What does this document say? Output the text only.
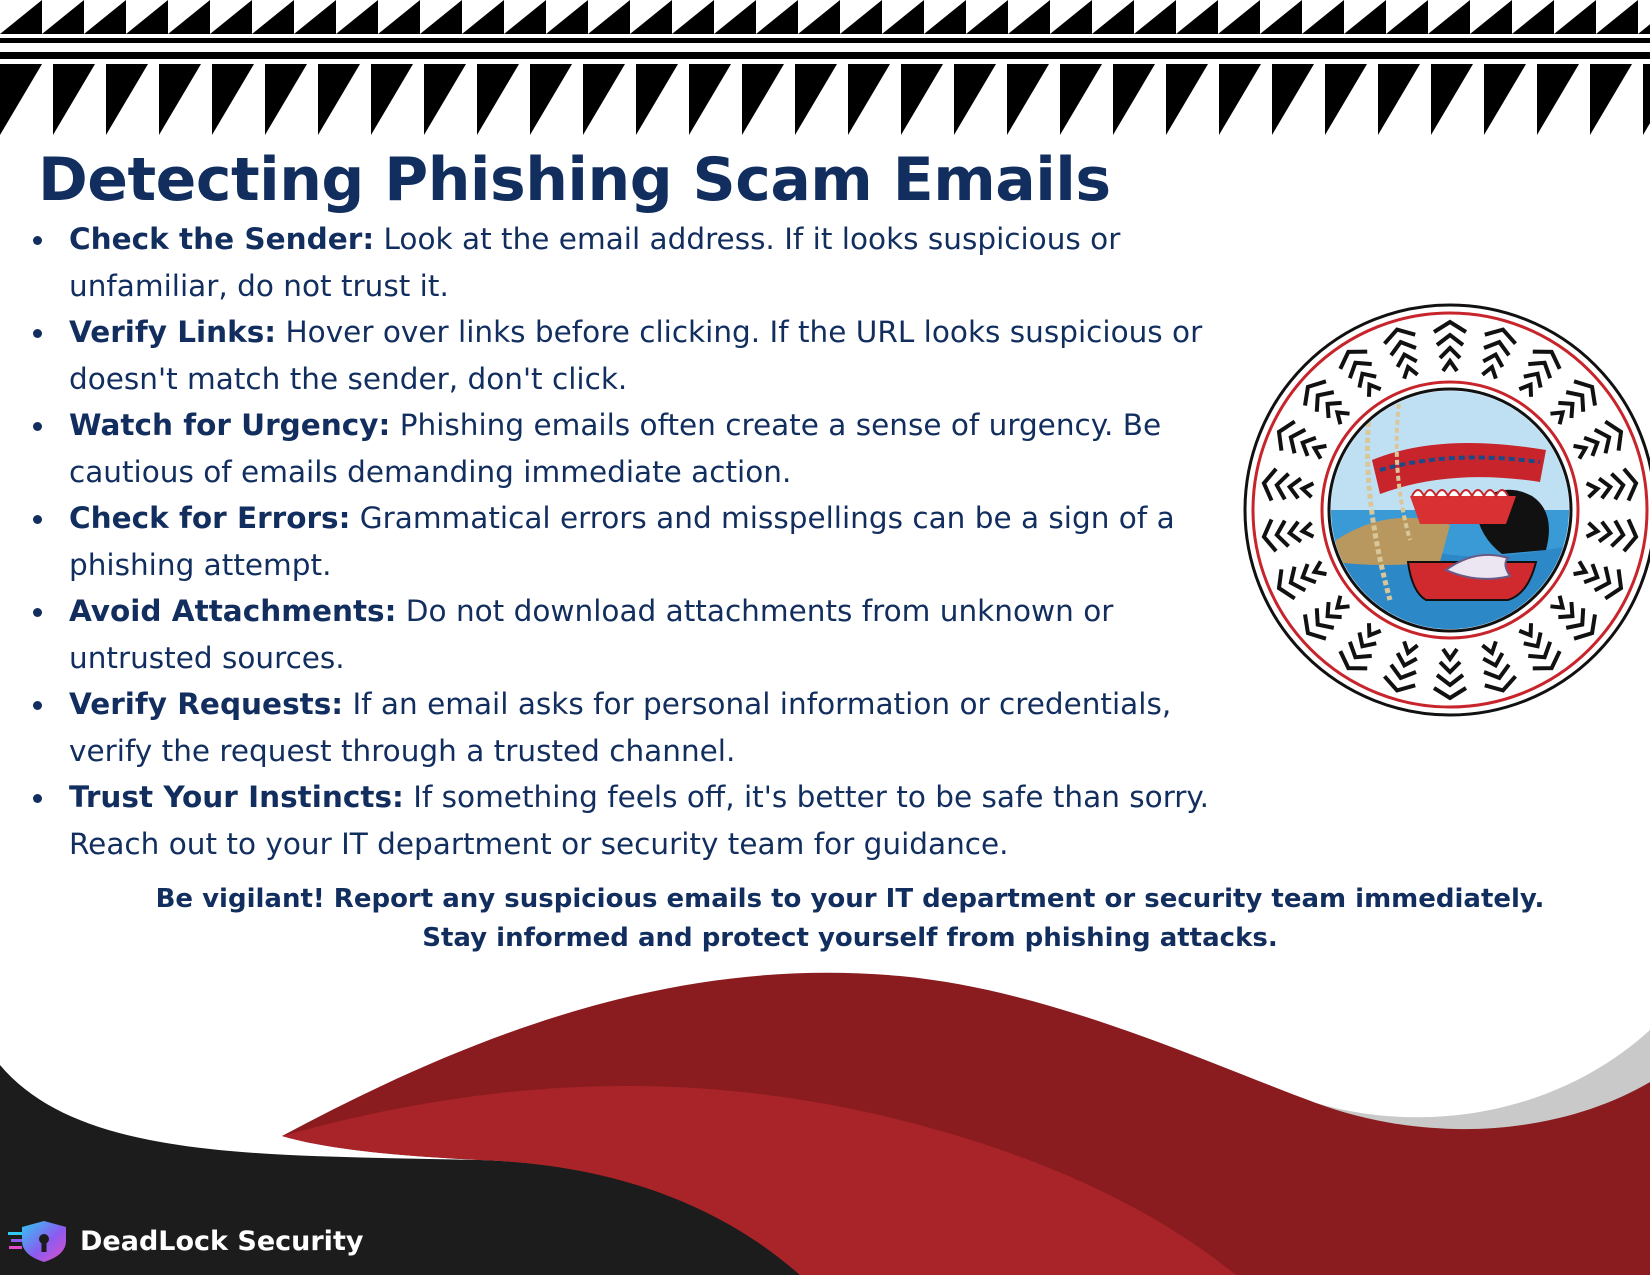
Detecting Phishing Scam Emails
Check the Sender: Look at the email address. If it looks suspicious or unfamiliar, do not trust it.
Verify Links: Hover over links before clicking. If the URL looks suspicious or doesn't match the sender, don't click.
Watch for Urgency: Phishing emails often create a sense of urgency. Be cautious of emails demanding immediate action.
Check for Errors: Grammatical errors and misspellings can be a sign of a phishing attempt.
Avoid Attachments: Do not download attachments from unknown or untrusted sources.
Verify Requests: If an email asks for personal information or credentials, verify the request through a trusted channel.
Trust Your Instincts: If something feels off, it's better to be safe than sorry. Reach out to your IT department or security team for guidance.
Be vigilant! Report any suspicious emails to your IT department or security team immediately.
Stay informed and protect yourself from phishing attacks.
DeadLock Security
